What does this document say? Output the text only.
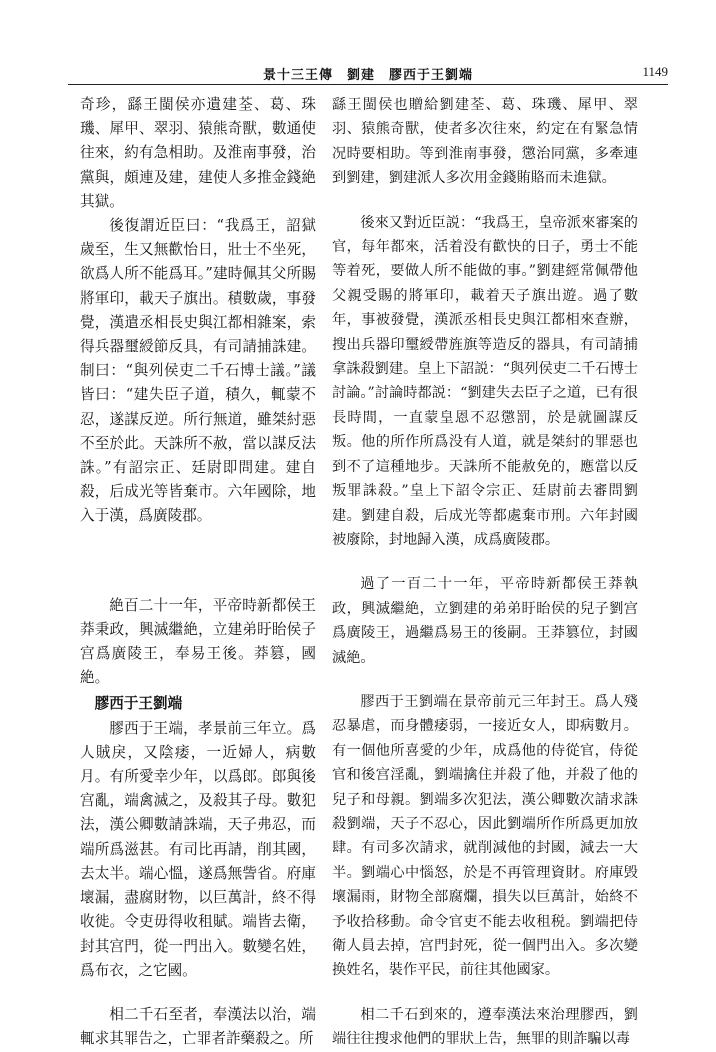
景十三王傳　劉建　膠西于王劉端	1149

奇珍，繇王閩侯亦遺建荃、葛、珠璣、犀甲、翠羽、猿熊奇獸，數通使往來，約有急相助。及淮南事發，治黨與，頗連及建，建使人多推金錢絶其獄。

後復謂近臣曰：“我爲王，詔獄歲至，生又無歡怡日，壯士不坐死，欲爲人所不能爲耳。”建時佩其父所賜將軍印，載天子旗出。積數歲，事發覺，漢遣丞相長史與江都相雜案，索得兵器璽綬節反具，有司請捕誅建。制曰：“與列侯吏二千石博士議。”議皆曰：“建失臣子道，積久，輒蒙不忍，遂謀反逆。所行無道，雖桀紂惡不至於此。天誅所不赦，當以謀反法誅。”有詔宗正、廷尉即問建。建自殺，后成光等皆棄市。六年國除，地入于漢，爲廣陵郡。

絶百二十一年，平帝時新都侯王莽秉政，興滅繼絶，立建弟盱眙侯子宫爲廣陵王，奉易王後。莽篡，國絶。

膠西于王劉端

膠西于王端，孝景前三年立。爲人賊戾，又陰痿，一近婦人，病數月。有所愛幸少年，以爲郎。郎與後宫亂，端禽滅之，及殺其子母。數犯法，漢公卿數請誅端，天子弗忍，而端所爲滋甚。有司比再請，削其國，去太半。端心慍，遂爲無訾省。府庫壞漏，盡腐財物，以巨萬計，終不得收徙。令吏毋得收租賦。端皆去衛，封其宫門，從一門出入。數變名姓，爲布衣，之它國。

相二千石至者，奉漢法以治，端輒求其罪告之，亡罪者詐藥殺之。所

繇王閩侯也贈給劉建荃、葛、珠璣、犀甲、翠羽、猿熊奇獸，使者多次往來，約定在有緊急情况時要相助。等到淮南事發，懲治同黨，多牽連到劉建，劉建派人多次用金錢賄賂而未進獄。

後來又對近臣説：“我爲王，皇帝派來審案的官，每年都來，活着没有歡快的日子，勇士不能等着死，要做人所不能做的事。”劉建經常佩帶他父親受賜的將軍印，載着天子旗出遊。過了數年，事被發覺，漢派丞相長史與江都相來查辦，搜出兵器印璽綬帶旌旗等造反的器具，有司請捕拿誅殺劉建。皇上下詔説：“與列侯吏二千石博士討論。”討論時都説：“劉建失去臣子之道，已有很長時間，一直蒙皇恩不忍懲罰，於是就圖謀反叛。他的所作所爲没有人道，就是桀紂的罪惡也到不了這種地步。天誅所不能赦免的，應當以反叛罪誅殺。”皇上下詔令宗正、廷尉前去審問劉建。劉建自殺，后成光等都處棄市刑。六年封國被廢除，封地歸入漢，成爲廣陵郡。

過了一百二十一年，平帝時新都侯王莽執政，興滅繼絶，立劉建的弟弟盱眙侯的兒子劉宫爲廣陵王，過繼爲易王的後嗣。王莽篡位，封國滅絶。

膠西于王劉端在景帝前元三年封王。爲人殘忍暴虐，而身體痿弱，一接近女人，即病數月。有一個他所喜愛的少年，成爲他的侍從官，侍從官和後宫淫亂，劉端擒住并殺了他，并殺了他的兒子和母親。劉端多次犯法，漢公卿數次請求誅殺劉端，天子不忍心，因此劉端所作所爲更加放肆。有司多次請求，就削減他的封國，減去一大半。劉端心中惱怒，於是不再管理資財。府庫毁壞漏雨，財物全部腐爛，損失以巨萬計，始終不予收拾移動。命令官吏不能去收租税。劉端把侍衛人員去掉，宫門封死，從一個門出入。多次變换姓名，裝作平民，前往其他國家。

相二千石到來的，遵奉漢法來治理膠西，劉端往往搜求他們的罪狀上告，無罪的則詐騙以毒
